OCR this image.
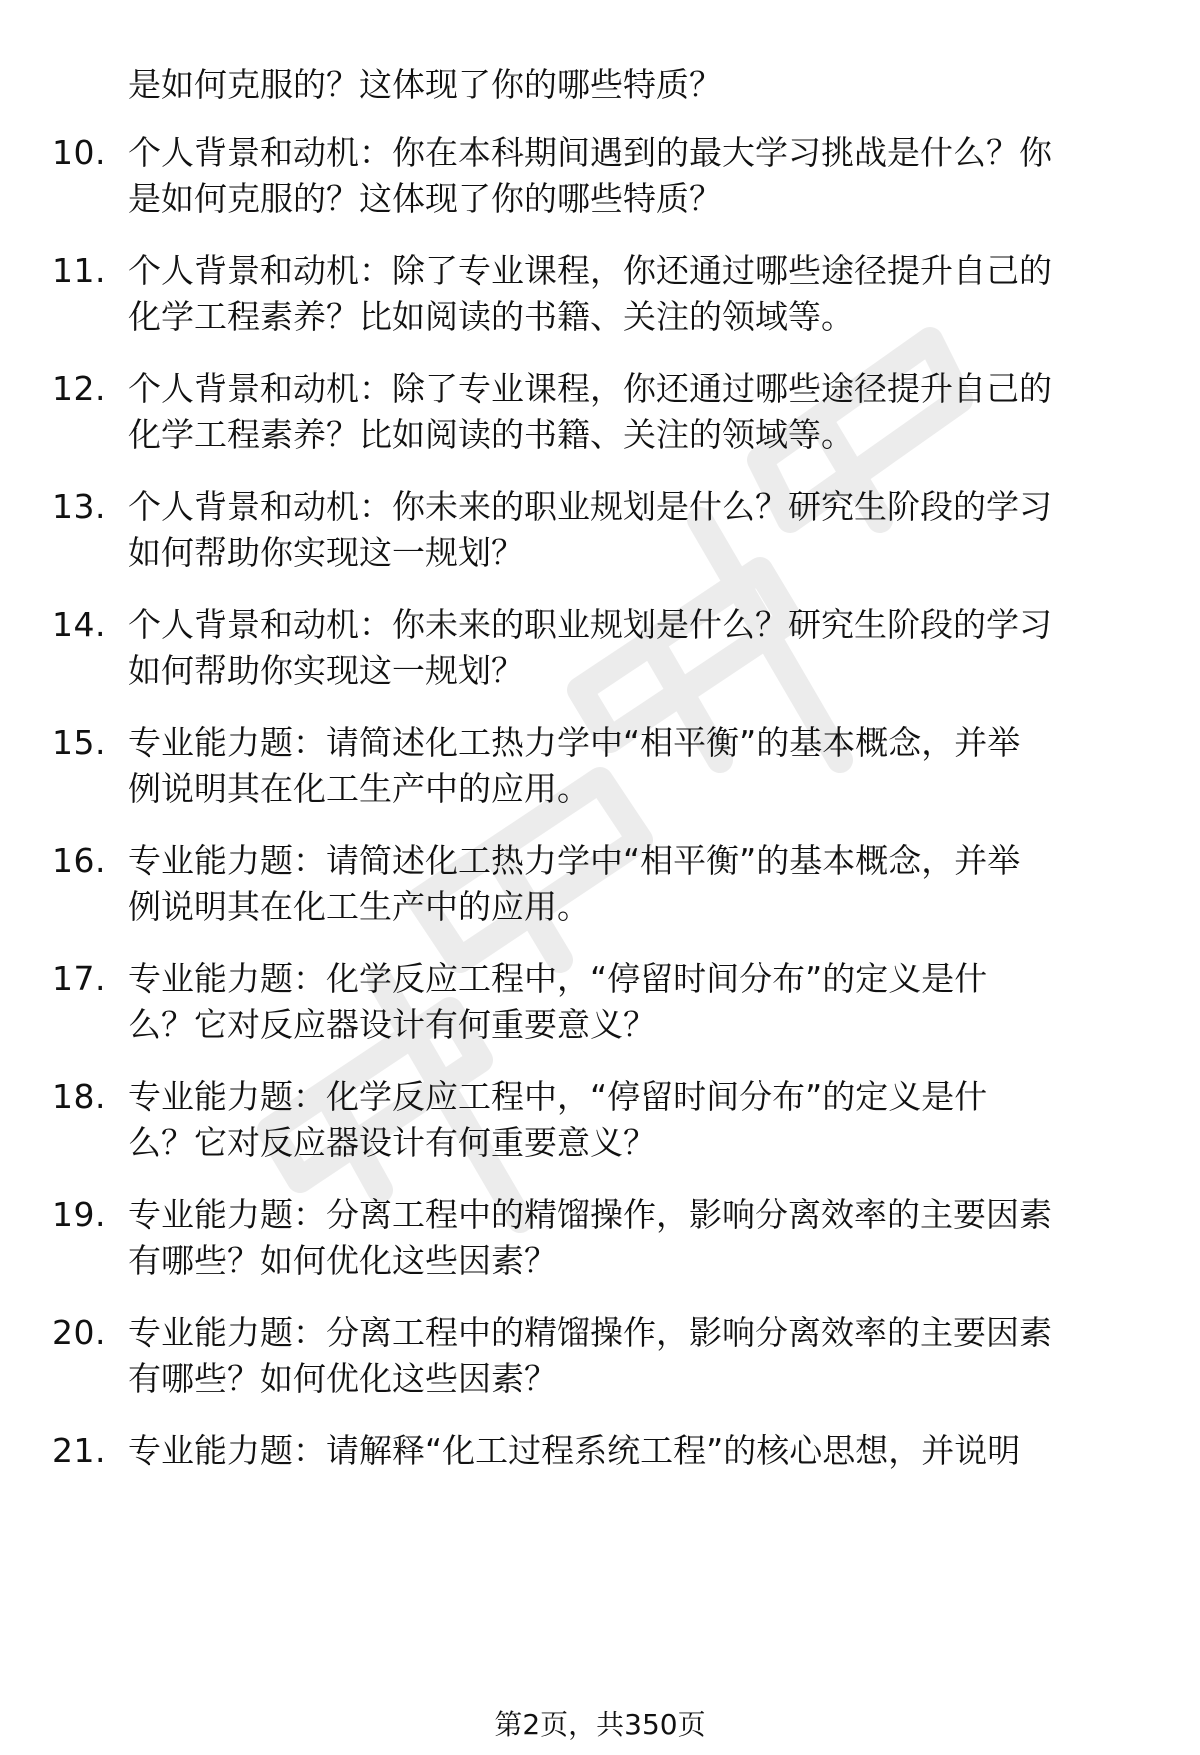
是如何克服的？这体现了你的哪些特质？
10. 个人背景和动机：你在本科期间遇到的最大学习挑战是什么？你
是如何克服的？这体现了你的哪些特质？
11. 个人背景和动机：除了专业课程，你还通过哪些途径提升自己的
化学工程素养？比如阅读的书籍、关注的领域等。
12. 个人背景和动机：除了专业课程，你还通过哪些途径提升自己的
化学工程素养？比如阅读的书籍、关注的领域等。
13. 个人背景和动机：你未来的职业规划是什么？研究生阶段的学习
如何帮助你实现这一规划？
14. 个人背景和动机：你未来的职业规划是什么？研究生阶段的学习
如何帮助你实现这一规划？
15. 专业能力题：请简述化工热力学中“相平衡”的基本概念，并举
例说明其在化工生产中的应用。
16. 专业能力题：请简述化工热力学中“相平衡”的基本概念，并举
例说明其在化工生产中的应用。
17. 专业能力题：化学反应工程中，“停留时间分布”的定义是什
么？它对反应器设计有何重要意义？
18. 专业能力题：化学反应工程中，“停留时间分布”的定义是什
么？它对反应器设计有何重要意义？
19. 专业能力题：分离工程中的精馏操作，影响分离效率的主要因素
有哪些？如何优化这些因素？
20. 专业能力题：分离工程中的精馏操作，影响分离效率的主要因素
有哪些？如何优化这些因素？
21. 专业能力题：请解释“化工过程系统工程”的核心思想，并说明
第2页，共350页
